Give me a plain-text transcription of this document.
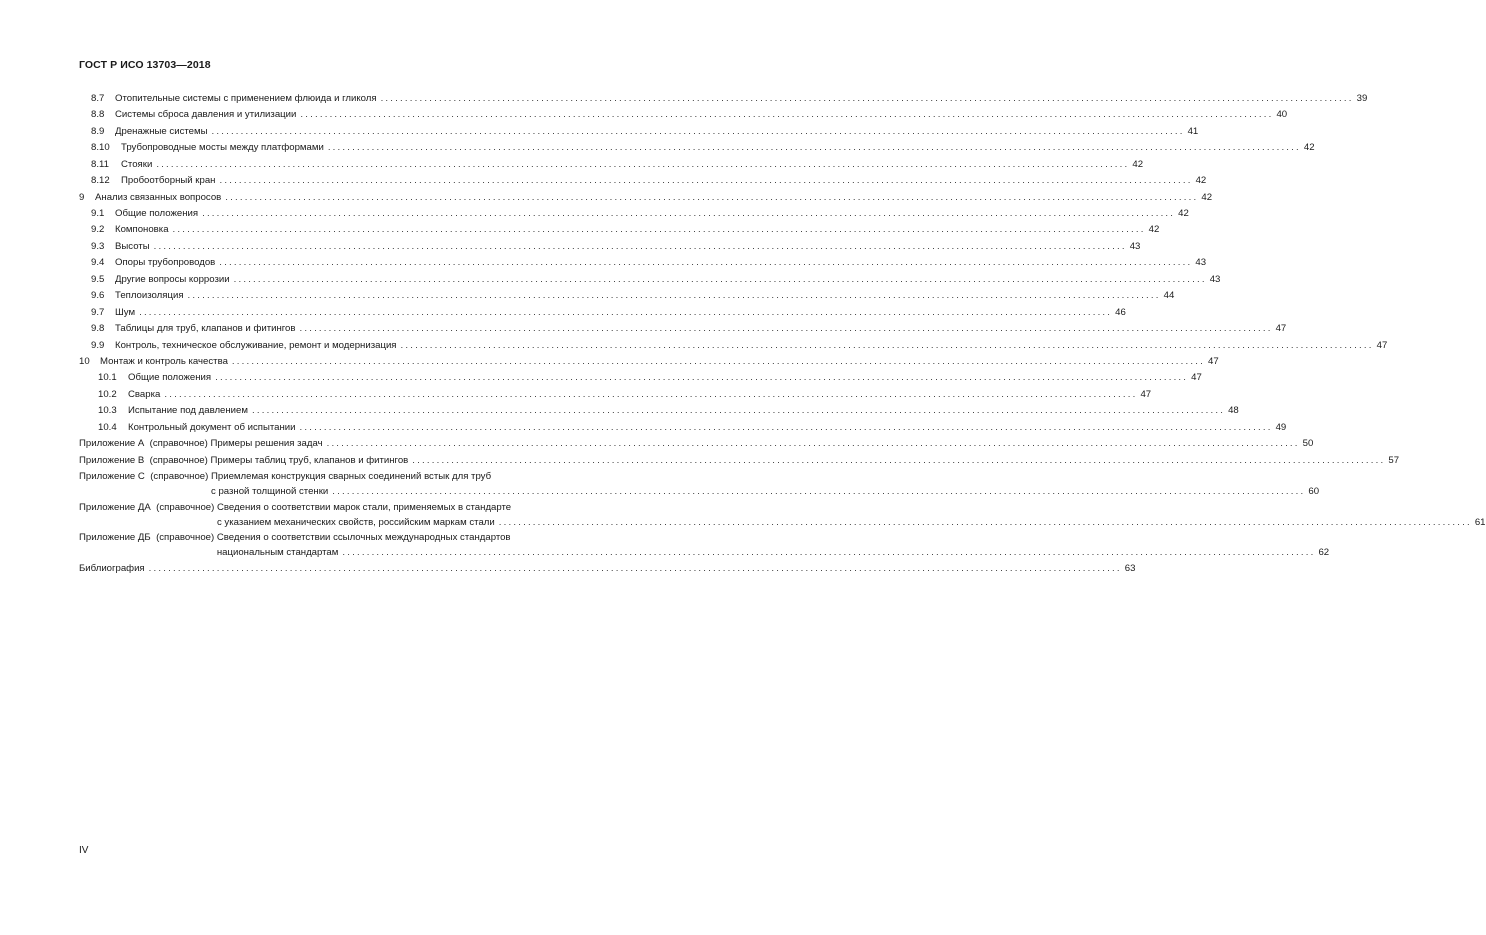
ГОСТ Р ИСО 13703—2018
8.7 Отопительные системы с применением флюида и гликоля ........................................................................................................................................................................................................ 39
8.8 Системы сброса давления и утилизации ........................................................................................................................................................................................................ 40
8.9 Дренажные системы ........................................................................................................................................................................................................ 41
8.10 Трубопроводные мосты между платформами ........................................................................................................................................................................................................ 42
8.11 Стояки ........................................................................................................................................................................................................ 42
8.12 Пробоотборный кран ........................................................................................................................................................................................................ 42
9 Анализ связанных вопросов ........................................................................................................................................................................................................ 42
9.1 Общие положения ........................................................................................................................................................................................................ 42
9.2 Компоновка ........................................................................................................................................................................................................ 42
9.3 Высоты ........................................................................................................................................................................................................ 43
9.4 Опоры трубопроводов ........................................................................................................................................................................................................ 43
9.5 Другие вопросы коррозии ........................................................................................................................................................................................................ 43
9.6 Теплоизоляция ........................................................................................................................................................................................................ 44
9.7 Шум ........................................................................................................................................................................................................ 46
9.8 Таблицы для труб, клапанов и фитингов ........................................................................................................................................................................................................ 47
9.9 Контроль, техническое обслуживание, ремонт и модернизация ........................................................................................................................................................................................................ 47
10 Монтаж и контроль качества ........................................................................................................................................................................................................ 47
10.1 Общие положения ........................................................................................................................................................................................................ 47
10.2 Сварка ........................................................................................................................................................................................................ 47
10.3 Испытание под давлением ........................................................................................................................................................................................................ 48
10.4 Контрольный документ об испытании ........................................................................................................................................................................................................ 49
Приложение А  (справочное) Примеры решения задач ........................................................................................................................................................................................................ 50
Приложение В  (справочное) Примеры таблиц труб, клапанов и фитингов ........................................................................................................................................................................................................ 57
Приложение С  (справочное) Приемлемая конструкция сварных соединений встык для труб
с разной толщиной стенки ........................................................................................................................................................................................................ 60
Приложение ДА  (справочное) Сведения о соответствии марок стали, применяемых в стандарте
с указанием механических свойств, российским маркам стали ........................................................................................................................................................................................................ 61
Приложение ДБ  (справочное) Сведения о соответствии ссылочных международных стандартов
национальным стандартам ........................................................................................................................................................................................................ 62
Библиография ........................................................................................................................................................................................................ 63
IV
